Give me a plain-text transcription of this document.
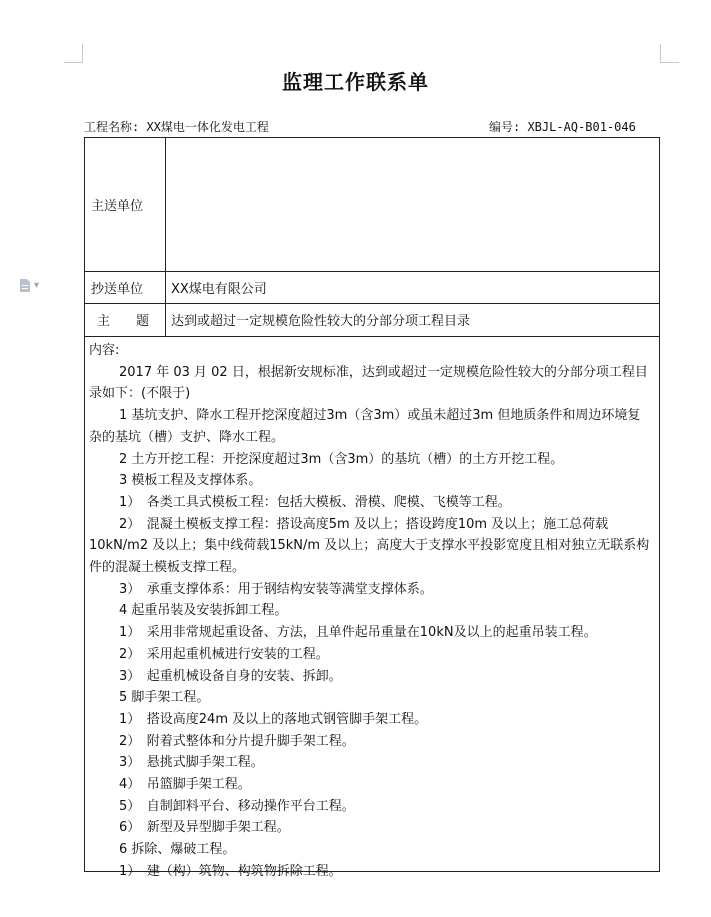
▾
监理工作联系单
工程名称: XX煤电一体化发电工程	编号: XBJL-AQ-B01-046
主送单位
抄送单位	XX煤电有限公司
主 题	达到或超过一定规模危险性较大的分部分项工程目录

内容:

2017 年 03 月 02 日，根据新安规标准，达到或超过一定规模危险性较大的分部分项工程目录如下：(不限于)

1 基坑支护、降水工程开挖深度超过3m（含3m）或虽未超过3m 但地质条件和周边环境复杂的基坑（槽）支护、降水工程。

2 土方开挖工程：开挖深度超过3m（含3m）的基坑（槽）的土方开挖工程。

3 模板工程及支撑体系。

1）　各类工具式模板工程：包括大模板、滑模、爬模、飞模等工程。

2）　混凝土模板支撑工程：搭设高度5m 及以上；搭设跨度10m 及以上；施工总荷载10kN/m2 及以上；集中线荷载15kN/m 及以上；高度大于支撑水平投影宽度且相对独立无联系构件的混凝土模板支撑工程。

3）　承重支撑体系：用于钢结构安装等满堂支撑体系。

4 起重吊装及安装拆卸工程。

1）　采用非常规起重设备、方法，且单件起吊重量在10kN及以上的起重吊装工程。

2）　采用起重机械进行安装的工程。

3）　起重机械设备自身的安装、拆卸。

5 脚手架工程。

1）　搭设高度24m 及以上的落地式钢管脚手架工程。

2）　附着式整体和分片提升脚手架工程。

3）　悬挑式脚手架工程。

4）　吊篮脚手架工程。

5）　自制卸料平台、移动操作平台工程。

6）　新型及异型脚手架工程。

6 拆除、爆破工程。

1）　建（构）筑物、构筑物拆除工程。
